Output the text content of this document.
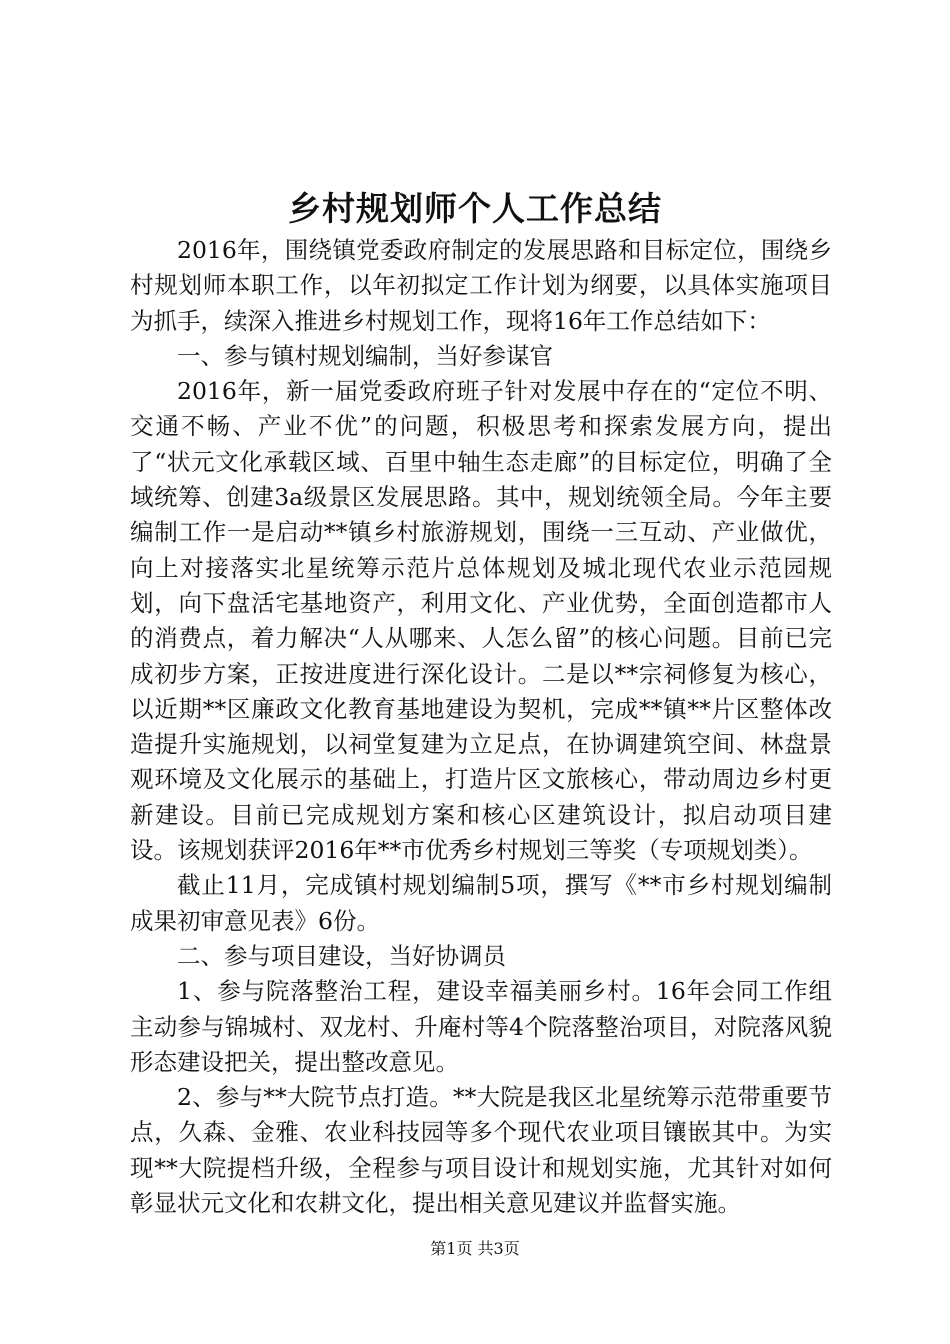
乡村规划师个人工作总结

2016年，围绕镇党委政府制定的发展思路和目标定位，围绕乡村规划师本职工作，以年初拟定工作计划为纲要，以具体实施项目为抓手，续深入推进乡村规划工作，现将16年工作总结如下：

一、参与镇村规划编制，当好参谋官

2016年，新一届党委政府班子针对发展中存在的“定位不明、交通不畅、产业不优”的问题，积极思考和探索发展方向，提出了“状元文化承载区域、百里中轴生态走廊”的目标定位，明确了全域统筹、创建3a级景区发展思路。其中，规划统领全局。今年主要编制工作一是启动**镇乡村旅游规划，围绕一三互动、产业做优，向上对接落实北星统筹示范片总体规划及城北现代农业示范园规划，向下盘活宅基地资产，利用文化、产业优势，全面创造都市人的消费点，着力解决“人从哪来、人怎么留”的核心问题。目前已完成初步方案，正按进度进行深化设计。二是以**宗祠修复为核心，以近期**区廉政文化教育基地建设为契机，完成**镇**片区整体改造提升实施规划，以祠堂复建为立足点，在协调建筑空间、林盘景观环境及文化展示的基础上，打造片区文旅核心，带动周边乡村更新建设。目前已完成规划方案和核心区建筑设计，拟启动项目建设。该规划获评2016年**市优秀乡村规划三等奖（专项规划类）。

截止11月，完成镇村规划编制5项，撰写《**市乡村规划编制成果初审意见表》6份。

二、参与项目建设，当好协调员

1、参与院落整治工程，建设幸福美丽乡村。16年会同工作组主动参与锦城村、双龙村、升庵村等4个院落整治项目，对院落风貌形态建设把关，提出整改意见。

2、参与**大院节点打造。**大院是我区北星统筹示范带重要节点，久森、金雅、农业科技园等多个现代农业项目镶嵌其中。为实现**大院提档升级，全程参与项目设计和规划实施，尤其针对如何彰显状元文化和农耕文化，提出相关意见建议并监督实施。

第1页 共3页
